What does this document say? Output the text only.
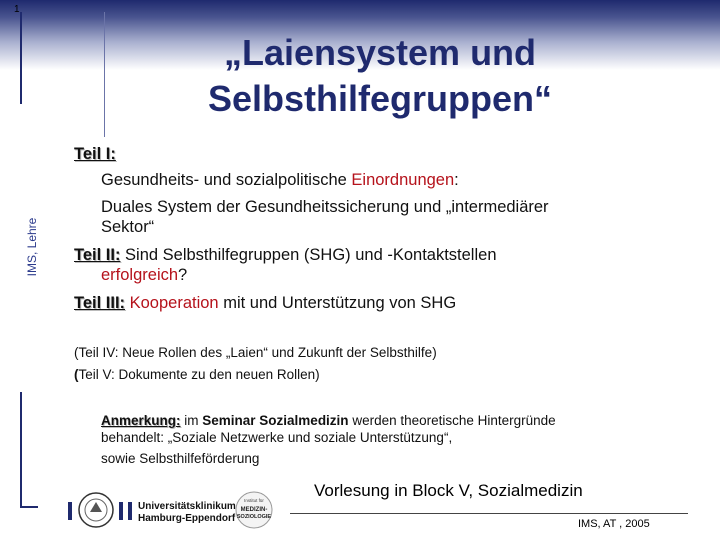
1
IMS, Lehre
„Laiensystem und
Selbsthilfegruppen“
Teil I:
Gesundheits- und sozialpolitische Einordnungen:
Duales System der Gesundheitssicherung und „intermediärer
Sektor“
Teil II: Sind Selbsthilfegruppen (SHG) und -Kontaktstellen
erfolgreich?
Teil III: Kooperation mit und Unterstützung von SHG
(Teil IV: Neue Rollen des „Laien“ und Zukunft der Selbsthilfe)
(Teil V: Dokumente zu den neuen Rollen)
Anmerkung: im Seminar Sozialmedizin werden theoretische Hintergründe
behandelt: „Soziale Netzwerke und soziale Unterstützung“,
sowie Selbsthilfeförderung
Vorlesung in Block V, Sozialmedizin
IMS, AT , 2005
Universitätsklinikum
Hamburg-Eppendorf
Institut für
MEDIZIN-
SOZIOLOGIE
